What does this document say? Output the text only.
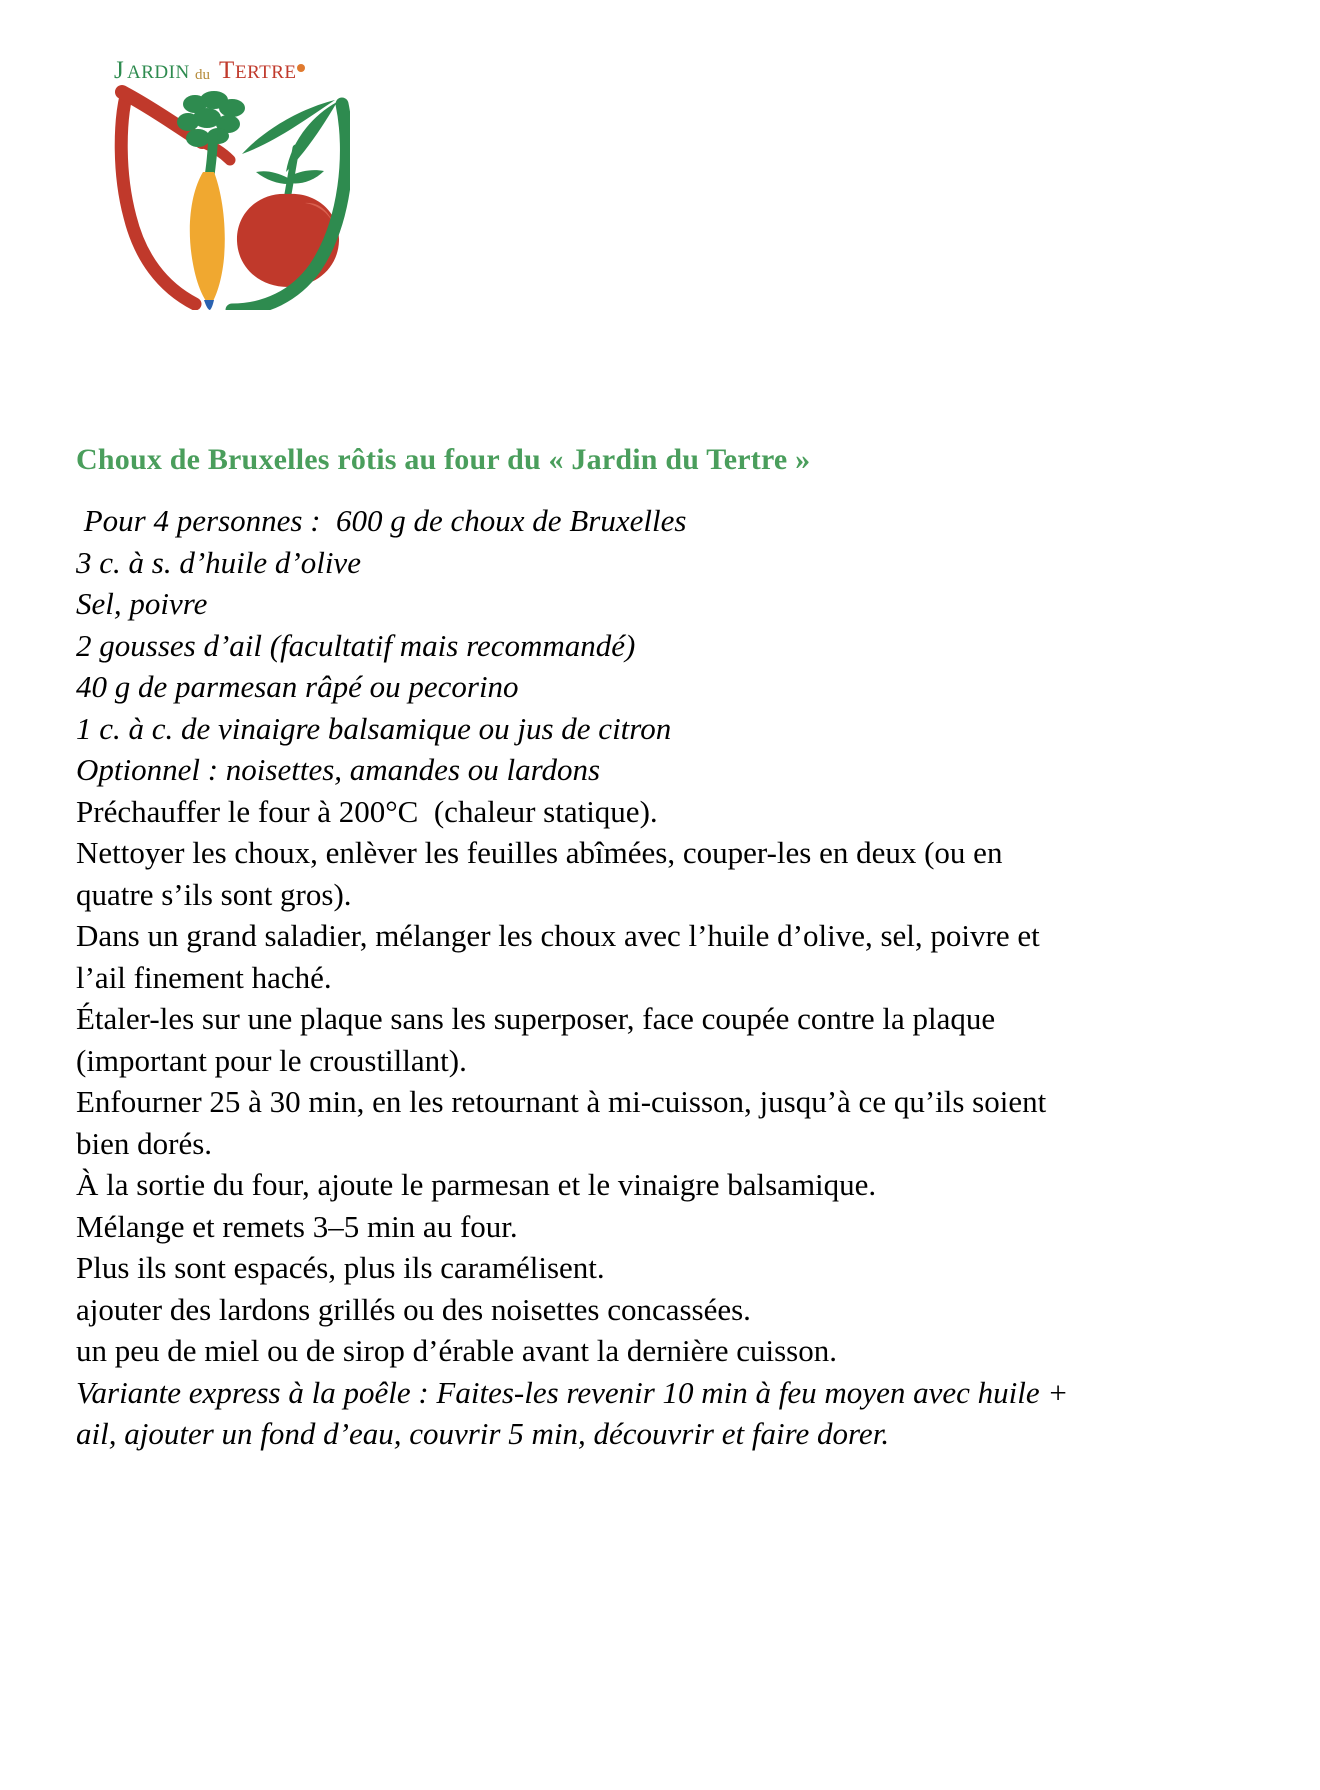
J ARDIN du T ERTRE
Choux de Bruxelles rôtis au four du « Jardin du Tertre »
Pour 4 personnes :  600 g de choux de Bruxelles
3 c. à s. d’huile d’olive
Sel, poivre
2 gousses d’ail (facultatif mais recommandé)
40 g de parmesan râpé ou pecorino
1 c. à c. de vinaigre balsamique ou jus de citron
Optionnel : noisettes, amandes ou lardons
Préchauffer le four à 200°C  (chaleur statique).
Nettoyer les choux, enlèver les feuilles abîmées, couper-les en deux (ou en quatre s’ils sont gros).
Dans un grand saladier, mélanger les choux avec l’huile d’olive, sel, poivre et l’ail finement haché.
Étaler-les sur une plaque sans les superposer, face coupée contre la plaque (important pour le croustillant).
Enfourner 25 à 30 min, en les retournant à mi-cuisson, jusqu’à ce qu’ils soient bien dorés.
À la sortie du four, ajoute le parmesan et le vinaigre balsamique.
Mélange et remets 3–5 min au four.
Plus ils sont espacés, plus ils caramélisent.
ajouter des lardons grillés ou des noisettes concassées.
un peu de miel ou de sirop d’érable avant la dernière cuisson.
Variante express à la poêle : Faites-les revenir 10 min à feu moyen avec huile + ail, ajouter un fond d’eau, couvrir 5 min, découvrir et faire dorer.
